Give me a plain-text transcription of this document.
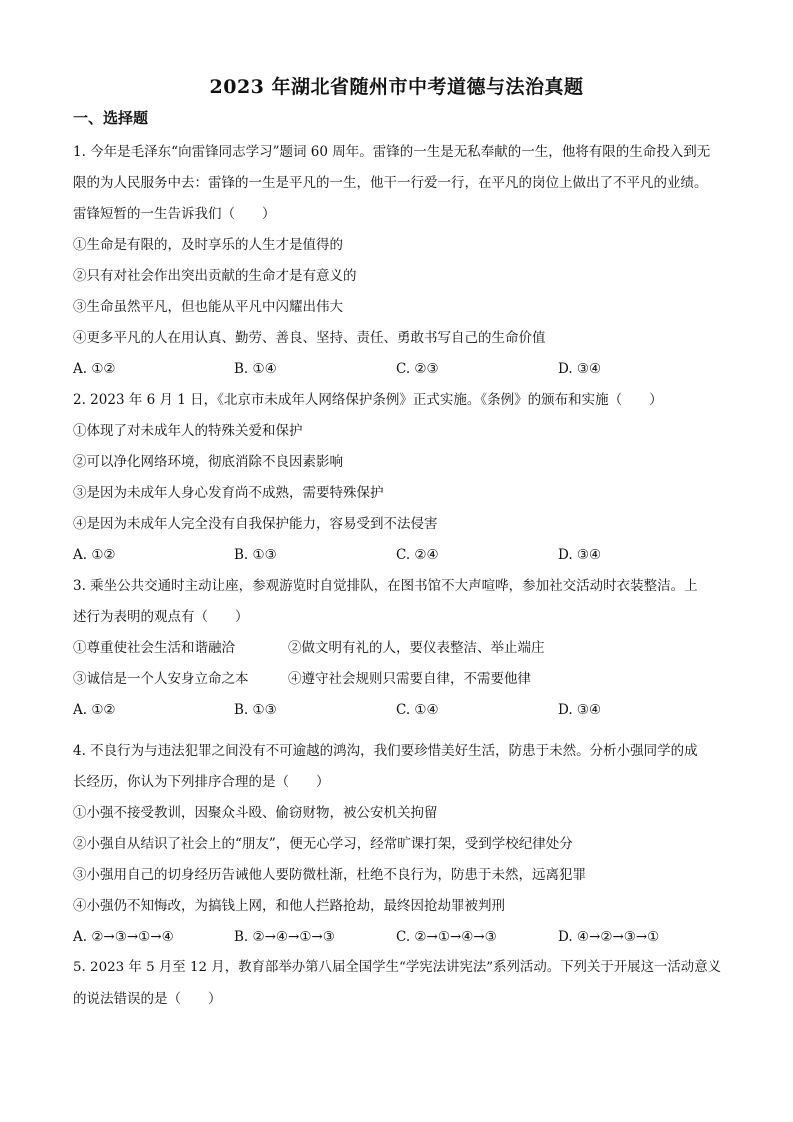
2023 年湖北省随州市中考道德与法治真题
一、选择题
1. 今年是毛泽东“向雷锋同志学习”题词 60 周年。雷锋的一生是无私奉献的一生，他将有限的生命投入到无
限的为人民服务中去：雷锋的一生是平凡的一生，他干一行爱一行，在平凡的岗位上做出了不平凡的业绩。
雷锋短暂的一生告诉我们（　　）
①生命是有限的，及时享乐的人生才是值得的
②只有对社会作出突出贡献的生命才是有意义的
③生命虽然平凡，但也能从平凡中闪耀出伟大
④更多平凡的人在用认真、勤劳、善良、坚持、责任、勇敢书写自己的生命价值
A. ①②	B. ①④	C. ②③	D. ③④
2. 2023 年 6 月 1 日，《北京市未成年人网络保护条例》正式实施。《条例》的颁布和实施（　　）
①体现了对未成年人的特殊关爱和保护
②可以净化网络环境，彻底消除不良因素影响
③是因为未成年人身心发育尚不成熟，需要特殊保护
④是因为未成年人完全没有自我保护能力，容易受到不法侵害
A. ①②	B. ①③	C. ②④	D. ③④
3. 乘坐公共交通时主动让座，参观游览时自觉排队，在图书馆不大声喧哗，参加社交活动时衣装整洁。上
述行为表明的观点有（　　）
①尊重使社会生活和谐融洽	②做文明有礼的人，要仪表整洁、举止端庄
③诚信是一个人安身立命之本	④遵守社会规则只需要自律，不需要他律
A. ①②	B. ①③	C. ①④	D. ③④
4. 不良行为与违法犯罪之间没有不可逾越的鸿沟，我们要珍惜美好生活，防患于未然。分析小强同学的成
长经历，你认为下列排序合理的是（　　）
①小强不接受教训，因聚众斗殴、偷窃财物，被公安机关拘留
②小强自从结识了社会上的“朋友”，便无心学习，经常旷课打架，受到学校纪律处分
③小强用自己的切身经历告诫他人要防微杜渐，杜绝不良行为，防患于未然，远离犯罪
④小强仍不知悔改，为搞钱上网，和他人拦路抢劫，最终因抢劫罪被判刑
A. ②→③→①→④	B. ②→④→①→③	C. ②→①→④→③	D. ④→②→③→①
5. 2023 年 5 月至 12 月，教育部举办第八届全国学生“学宪法讲宪法”系列活动。下列关于开展这一活动意义
的说法错误的是（　　）
